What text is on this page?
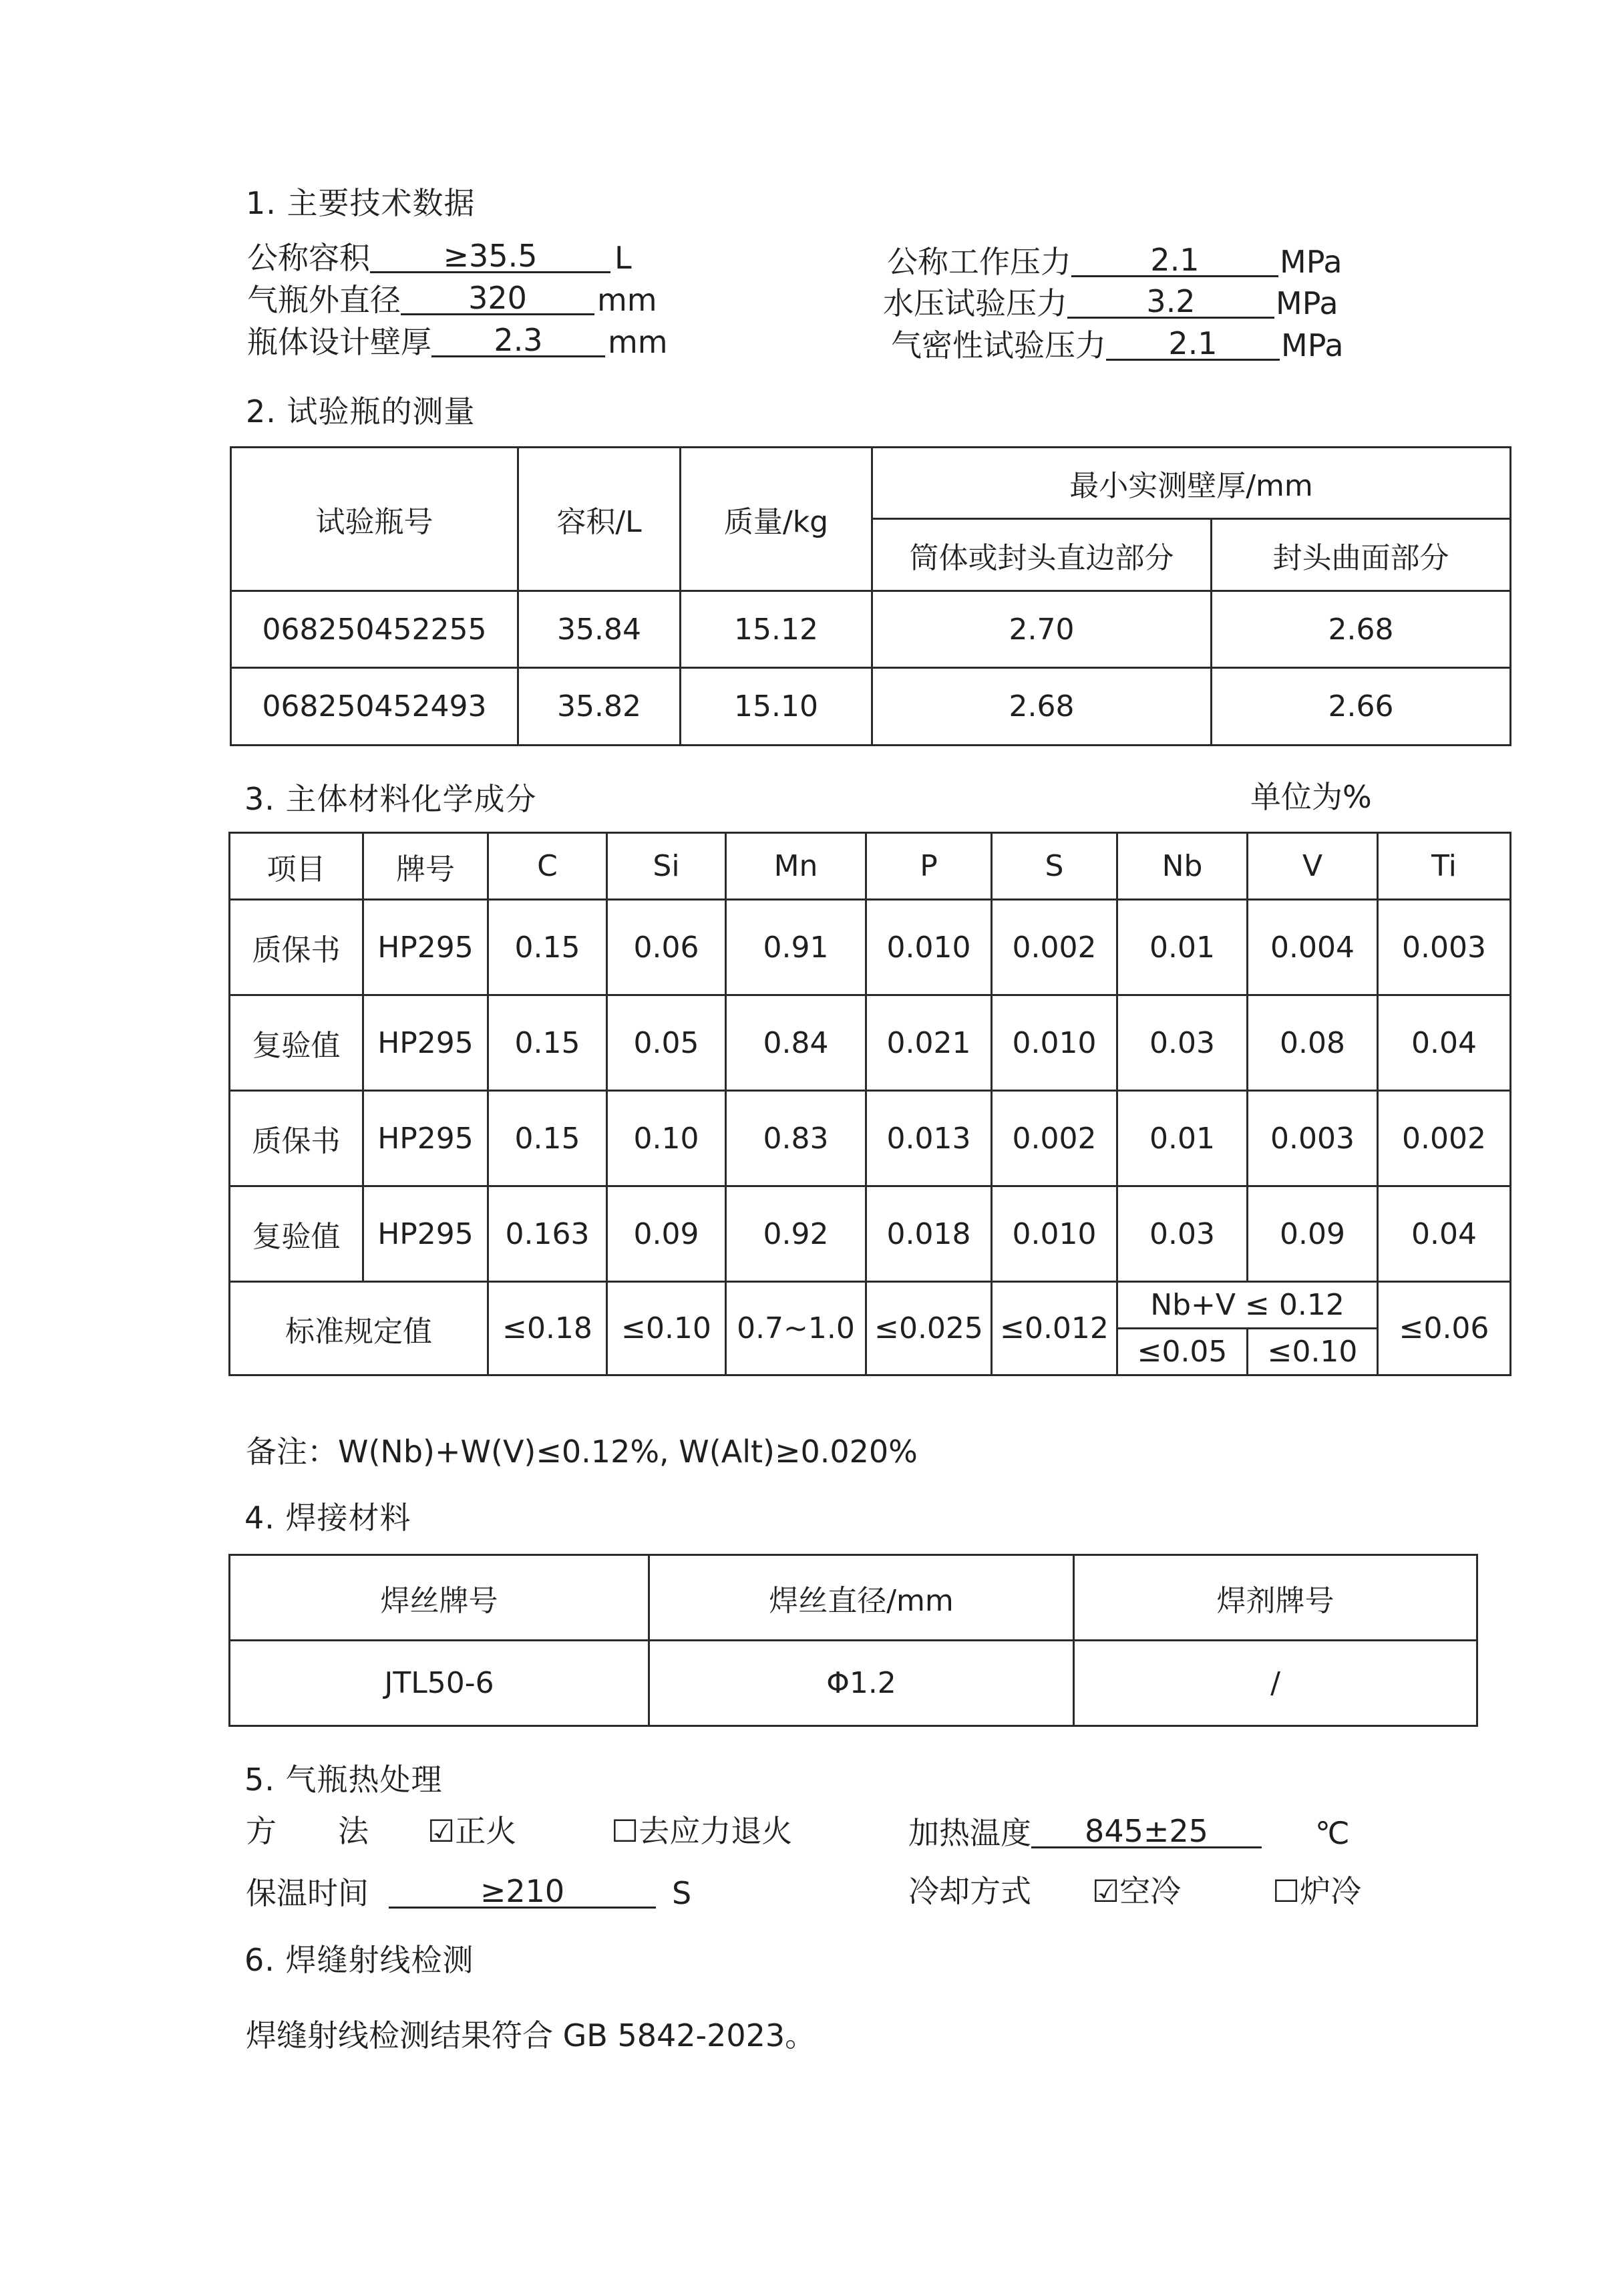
1. 主要技术数据
公称容积	≥35.5	L
气瓶外直径	320	mm
瓶体设计壁厚	2.3	mm
公称工作压力	2.1	MPa
水压试验压力	3.2	MPa
气密性试验压力	2.1	MPa
2. 试验瓶的测量
试验瓶号	容积/L	质量/kg	最小实测壁厚/mm	
			筒体或封头直边部分	封头曲面部分
068250452255	35.84	15.12	2.70	2.68
068250452493	35.82	15.10	2.68	2.66
3. 主体材料化学成分	单位为%
项目	牌号	C	Si	Mn	P	S	Nb	V	Ti
质保书	HP295	0.15	0.06	0.91	0.010	0.002	0.01	0.004	0.003
复验值	HP295	0.15	0.05	0.84	0.021	0.010	0.03	0.08	0.04
质保书	HP295	0.15	0.10	0.83	0.013	0.002	0.01	0.003	0.002
复验值	HP295	0.163	0.09	0.92	0.018	0.010	0.03	0.09	0.04
标准规定值		≤0.18	≤0.10	0.7~1.0	≤0.025	≤0.012	Nb+V ≤ 0.12		≤0.06
							≤0.05	≤0.10	
备注：W(Nb)+W(V)≤0.12%, W(Alt)≥0.020%
4. 焊接材料
焊丝牌号	焊丝直径/mm	焊剂牌号
JTL50-6	Φ1.2	/
5. 气瓶热处理
方　　法 ☑ 正火	☐ 去应力退火	加热温度	845±25	℃
保温时间	≥210	S	冷却方式 ☑ 空冷	☐ 炉冷
6. 焊缝射线检测
焊缝射线检测结果符合 GB 5842-2023。
